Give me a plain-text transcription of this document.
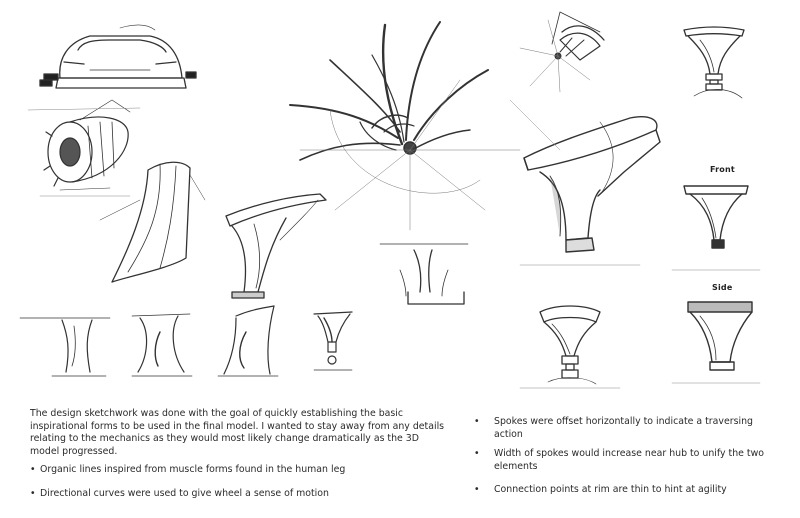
Front
Side
The design sketchwork was done with the goal of quickly establishing the basic inspirational forms to be used in the final model. I wanted to stay away from any details relating to the mechanics as they would most likely change dramatically as the 3D model progressed.
• Organic lines inspired from muscle forms found in the human leg
• Directional curves were used to give wheel a sense of motion
• Spokes were offset horizontally to indicate a traversing action
• Width of spokes would increase near hub to unify the two elements
• Connection points at rim are thin to hint at agility
